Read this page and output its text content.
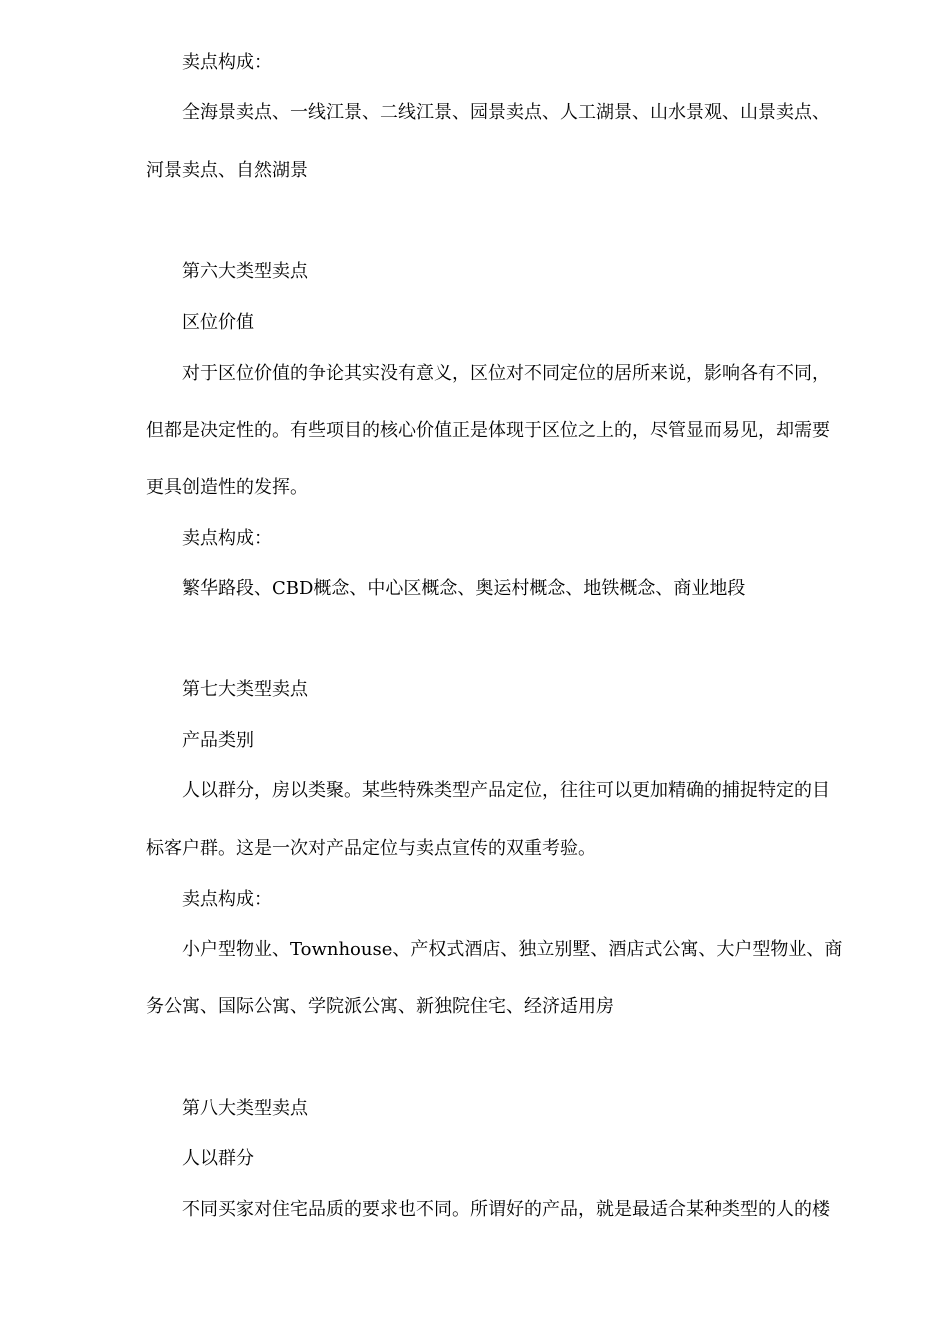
卖点构成：

全海景卖点、一线江景、二线江景、园景卖点、人工湖景、山水景观、山景卖点、

河景卖点、自然湖景

第六大类型卖点

区位价值

对于区位价值的争论其实没有意义，区位对不同定位的居所来说，影响各有不同，

但都是决定性的。有些项目的核心价值正是体现于区位之上的，尽管显而易见，却需要

更具创造性的发挥。

卖点构成：

繁华路段、CBD概念、中心区概念、奥运村概念、地铁概念、商业地段

第七大类型卖点

产品类别

人以群分，房以类聚。某些特殊类型产品定位，往往可以更加精确的捕捉特定的目

标客户群。这是一次对产品定位与卖点宣传的双重考验。

卖点构成：

小户型物业、Townhouse、产权式酒店、独立别墅、酒店式公寓、大户型物业、商

务公寓、国际公寓、学院派公寓、新独院住宅、经济适用房

第八大类型卖点

人以群分

不同买家对住宅品质的要求也不同。所谓好的产品，就是最适合某种类型的人的楼
